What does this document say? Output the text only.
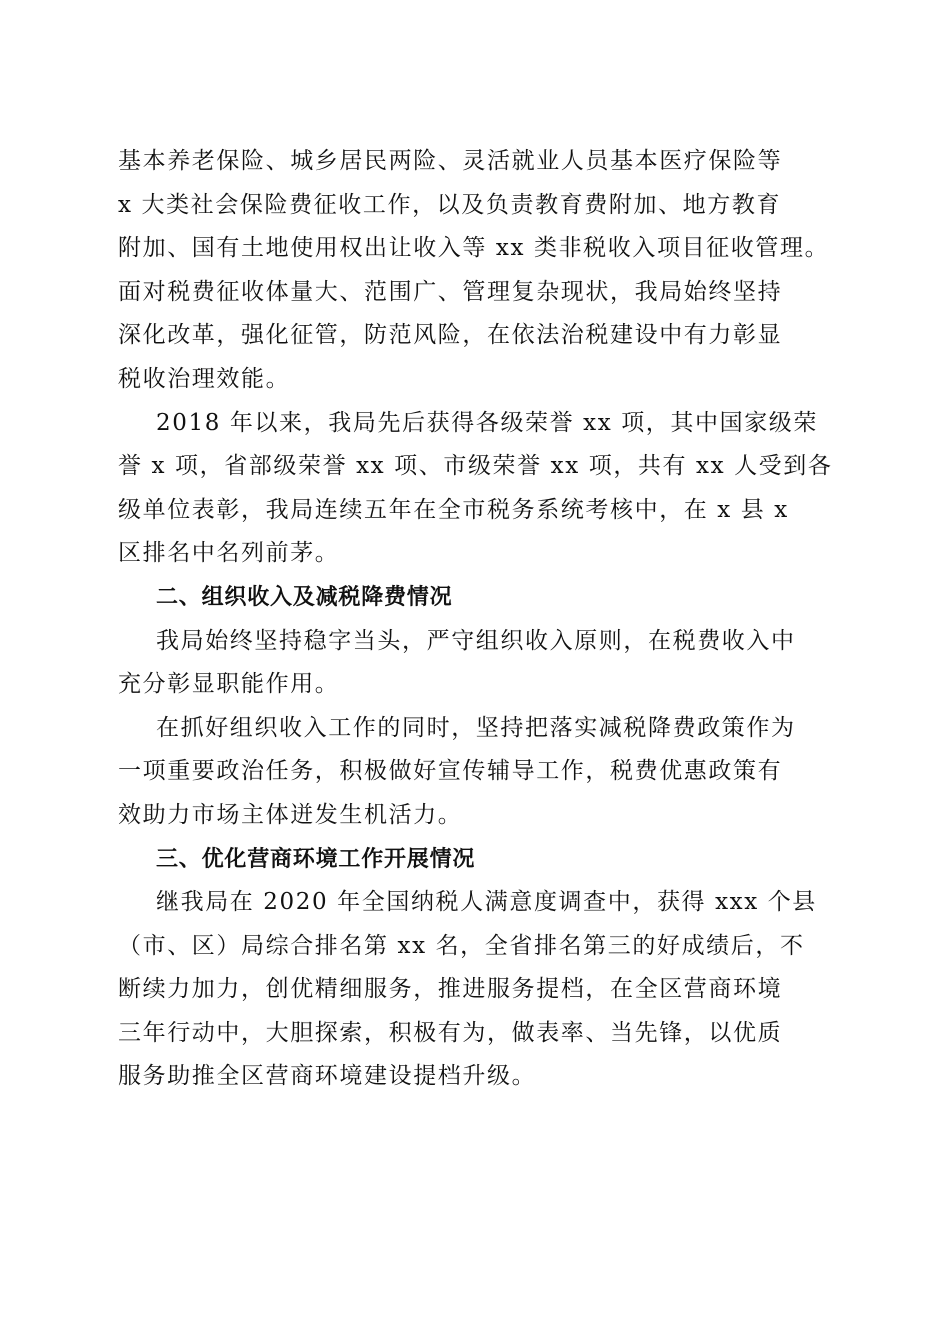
基本养老保险、城乡居民两险、灵活就业人员基本医疗保险等
x 大类社会保险费征收工作，以及负责教育费附加、地方教育
附加、国有土地使用权出让收入等 xx 类非税收入项目征收管理。
面对税费征收体量大、范围广、管理复杂现状，我局始终坚持
深化改革，强化征管，防范风险，在依法治税建设中有力彰显
税收治理效能。
2018 年以来，我局先后获得各级荣誉 xx 项，其中国家级荣
誉 x 项，省部级荣誉 xx 项、市级荣誉 xx 项，共有 xx 人受到各
级单位表彰，我局连续五年在全市税务系统考核中，在 x 县 x
区排名中名列前茅。
二、组织收入及减税降费情况
我局始终坚持稳字当头，严守组织收入原则，在税费收入中
充分彰显职能作用。
在抓好组织收入工作的同时，坚持把落实减税降费政策作为
一项重要政治任务，积极做好宣传辅导工作，税费优惠政策有
效助力市场主体迸发生机活力。
三、优化营商环境工作开展情况
继我局在 2020 年全国纳税人满意度调查中，获得 xxx 个县
（市、区）局综合排名第 xx 名，全省排名第三的好成绩后，不
断续力加力，创优精细服务，推进服务提档，在全区营商环境
三年行动中，大胆探索，积极有为，做表率、当先锋，以优质
服务助推全区营商环境建设提档升级。
